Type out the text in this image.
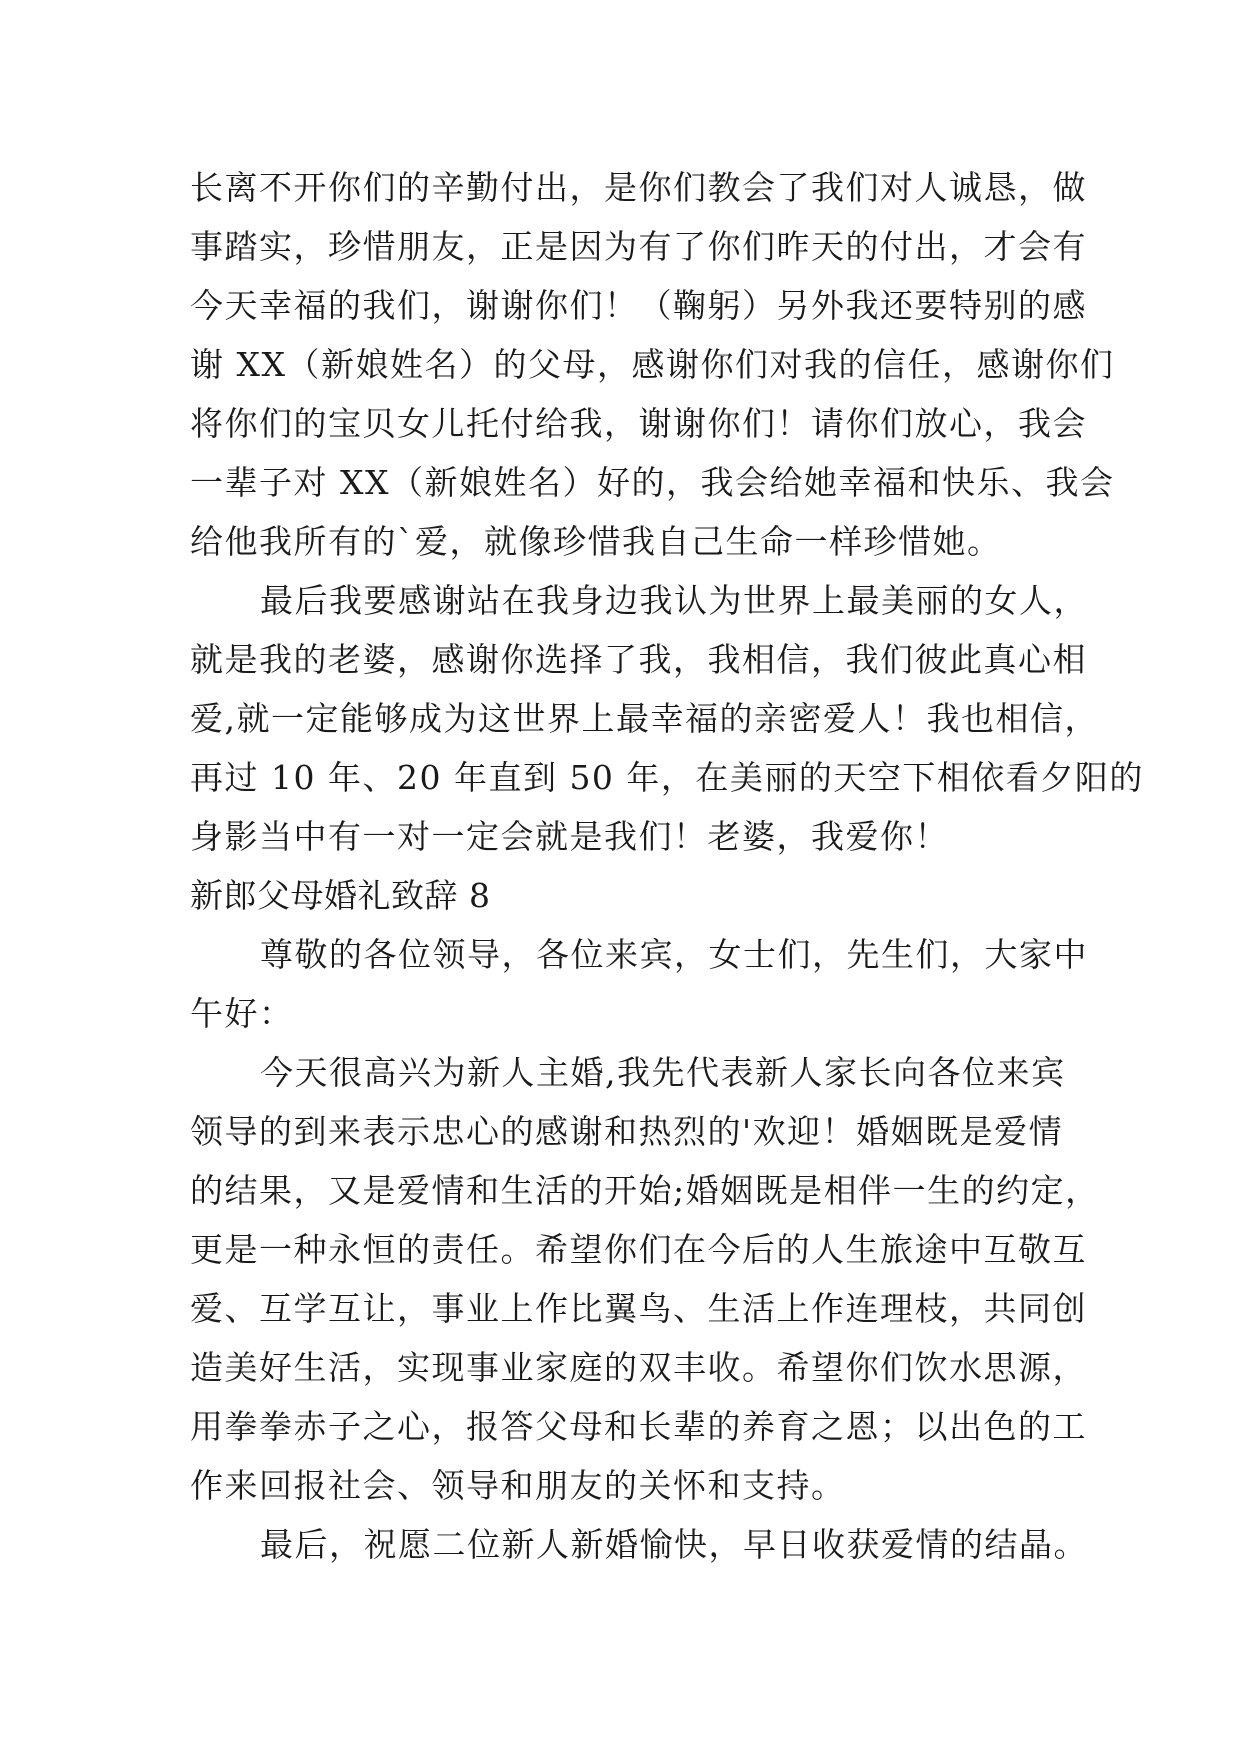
长离不开你们的辛勤付出，是你们教会了我们对人诚恳，做
事踏实，珍惜朋友，正是因为有了你们昨天的付出，才会有
今天幸福的我们，谢谢你们！（鞠躬）另外我还要特别的感
谢 XX（新娘姓名）的父母，感谢你们对我的信任，感谢你们
将你们的宝贝女儿托付给我，谢谢你们！请你们放心，我会
一辈子对 XX（新娘姓名）好的，我会给她幸福和快乐、我会
给他我所有的`爱，就像珍惜我自己生命一样珍惜她。
最后我要感谢站在我身边我认为世界上最美丽的女人，
就是我的老婆，感谢你选择了我，我相信，我们彼此真心相
爱,就一定能够成为这世界上最幸福的亲密爱人！我也相信，
再过 10 年、20 年直到 50 年，在美丽的天空下相依看夕阳的
身影当中有一对一定会就是我们！老婆，我爱你！
新郎父母婚礼致辞 8
尊敬的各位领导，各位来宾，女士们，先生们，大家中
午好：
今天很高兴为新人主婚,我先代表新人家长向各位来宾
领导的到来表示忠心的感谢和热烈的'欢迎！婚姻既是爱情
的结果，又是爱情和生活的开始;婚姻既是相伴一生的约定，
更是一种永恒的责任。希望你们在今后的人生旅途中互敬互
爱、互学互让，事业上作比翼鸟、生活上作连理枝，共同创
造美好生活，实现事业家庭的双丰收。希望你们饮水思源，
用拳拳赤子之心，报答父母和长辈的养育之恩；以出色的工
作来回报社会、领导和朋友的关怀和支持。
最后，祝愿二位新人新婚愉快，早日收获爱情的结晶。
